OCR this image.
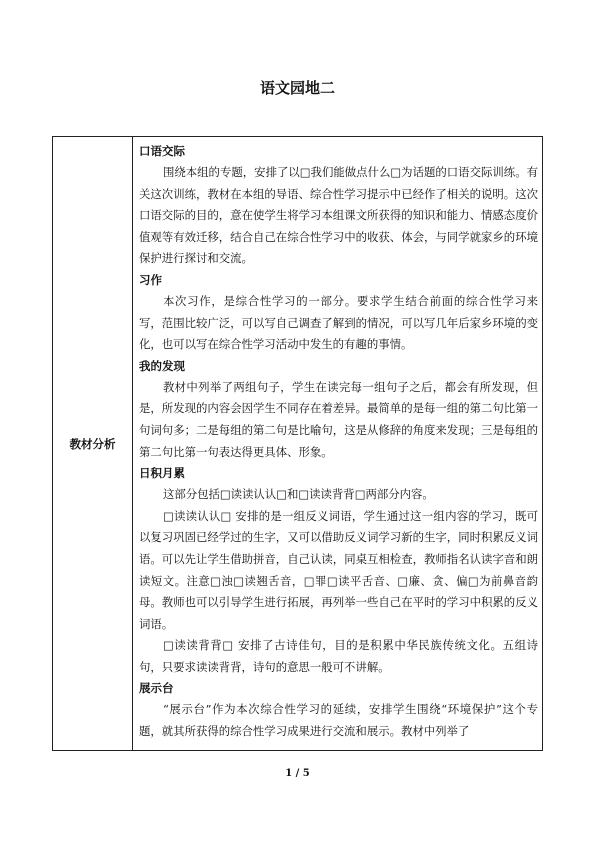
语文园地二
教材分析
口语交际

围绕本组的专题，安排了以□我们能做点什么□为话题的口语交际训练。有关这次训练，教材在本组的导语、综合性学习提示中已经作了相关的说明。这次口语交际的目的，意在使学生将学习本组课文所获得的知识和能力、情感态度价值观等有效迁移，结合自己在综合性学习中的收获、体会，与同学就家乡的环境保护进行探讨和交流。

习作

本次习作，是综合性学习的一部分。要求学生结合前面的综合性学习来写，范围比较广泛，可以写自己调查了解到的情况，可以写几年后家乡环境的变化，也可以写在综合性学习活动中发生的有趣的事情。

我的发现

教材中列举了两组句子，学生在读完每一组句子之后，都会有所发现，但是，所发现的内容会因学生不同存在着差异。最简单的是每一组的第二句比第一句词句多；二是每组的第二句是比喻句，这是从修辞的角度来发现；三是每组的第二句比第一句表达得更具体、形象。

日积月累

这部分包括□读读认认□和□读读背背□两部分内容。

□读读认认□ 安排的是一组反义词语，学生通过这一组内容的学习，既可以复习巩固已经学过的生字，又可以借助反义词学习新的生字，同时积累反义词语。可以先让学生借助拼音，自己认读，同桌互相检查，教师指名认读字音和朗读短文。注意□浊□读翘舌音，□罪□读平舌音、□廉、贪、偏□为前鼻音韵母。教师也可以引导学生进行拓展，再列举一些自己在平时的学习中积累的反义词语。

□读读背背□ 安排了古诗佳句，目的是积累中华民族传统文化。五组诗句，只要求读读背背，诗句的意思一般可不讲解。

展示台

“展示台”作为本次综合性学习的延续，安排学生围绕“环境保护”这个专题，就其所获得的综合性学习成果进行交流和展示。教材中列举了

1 / 5
